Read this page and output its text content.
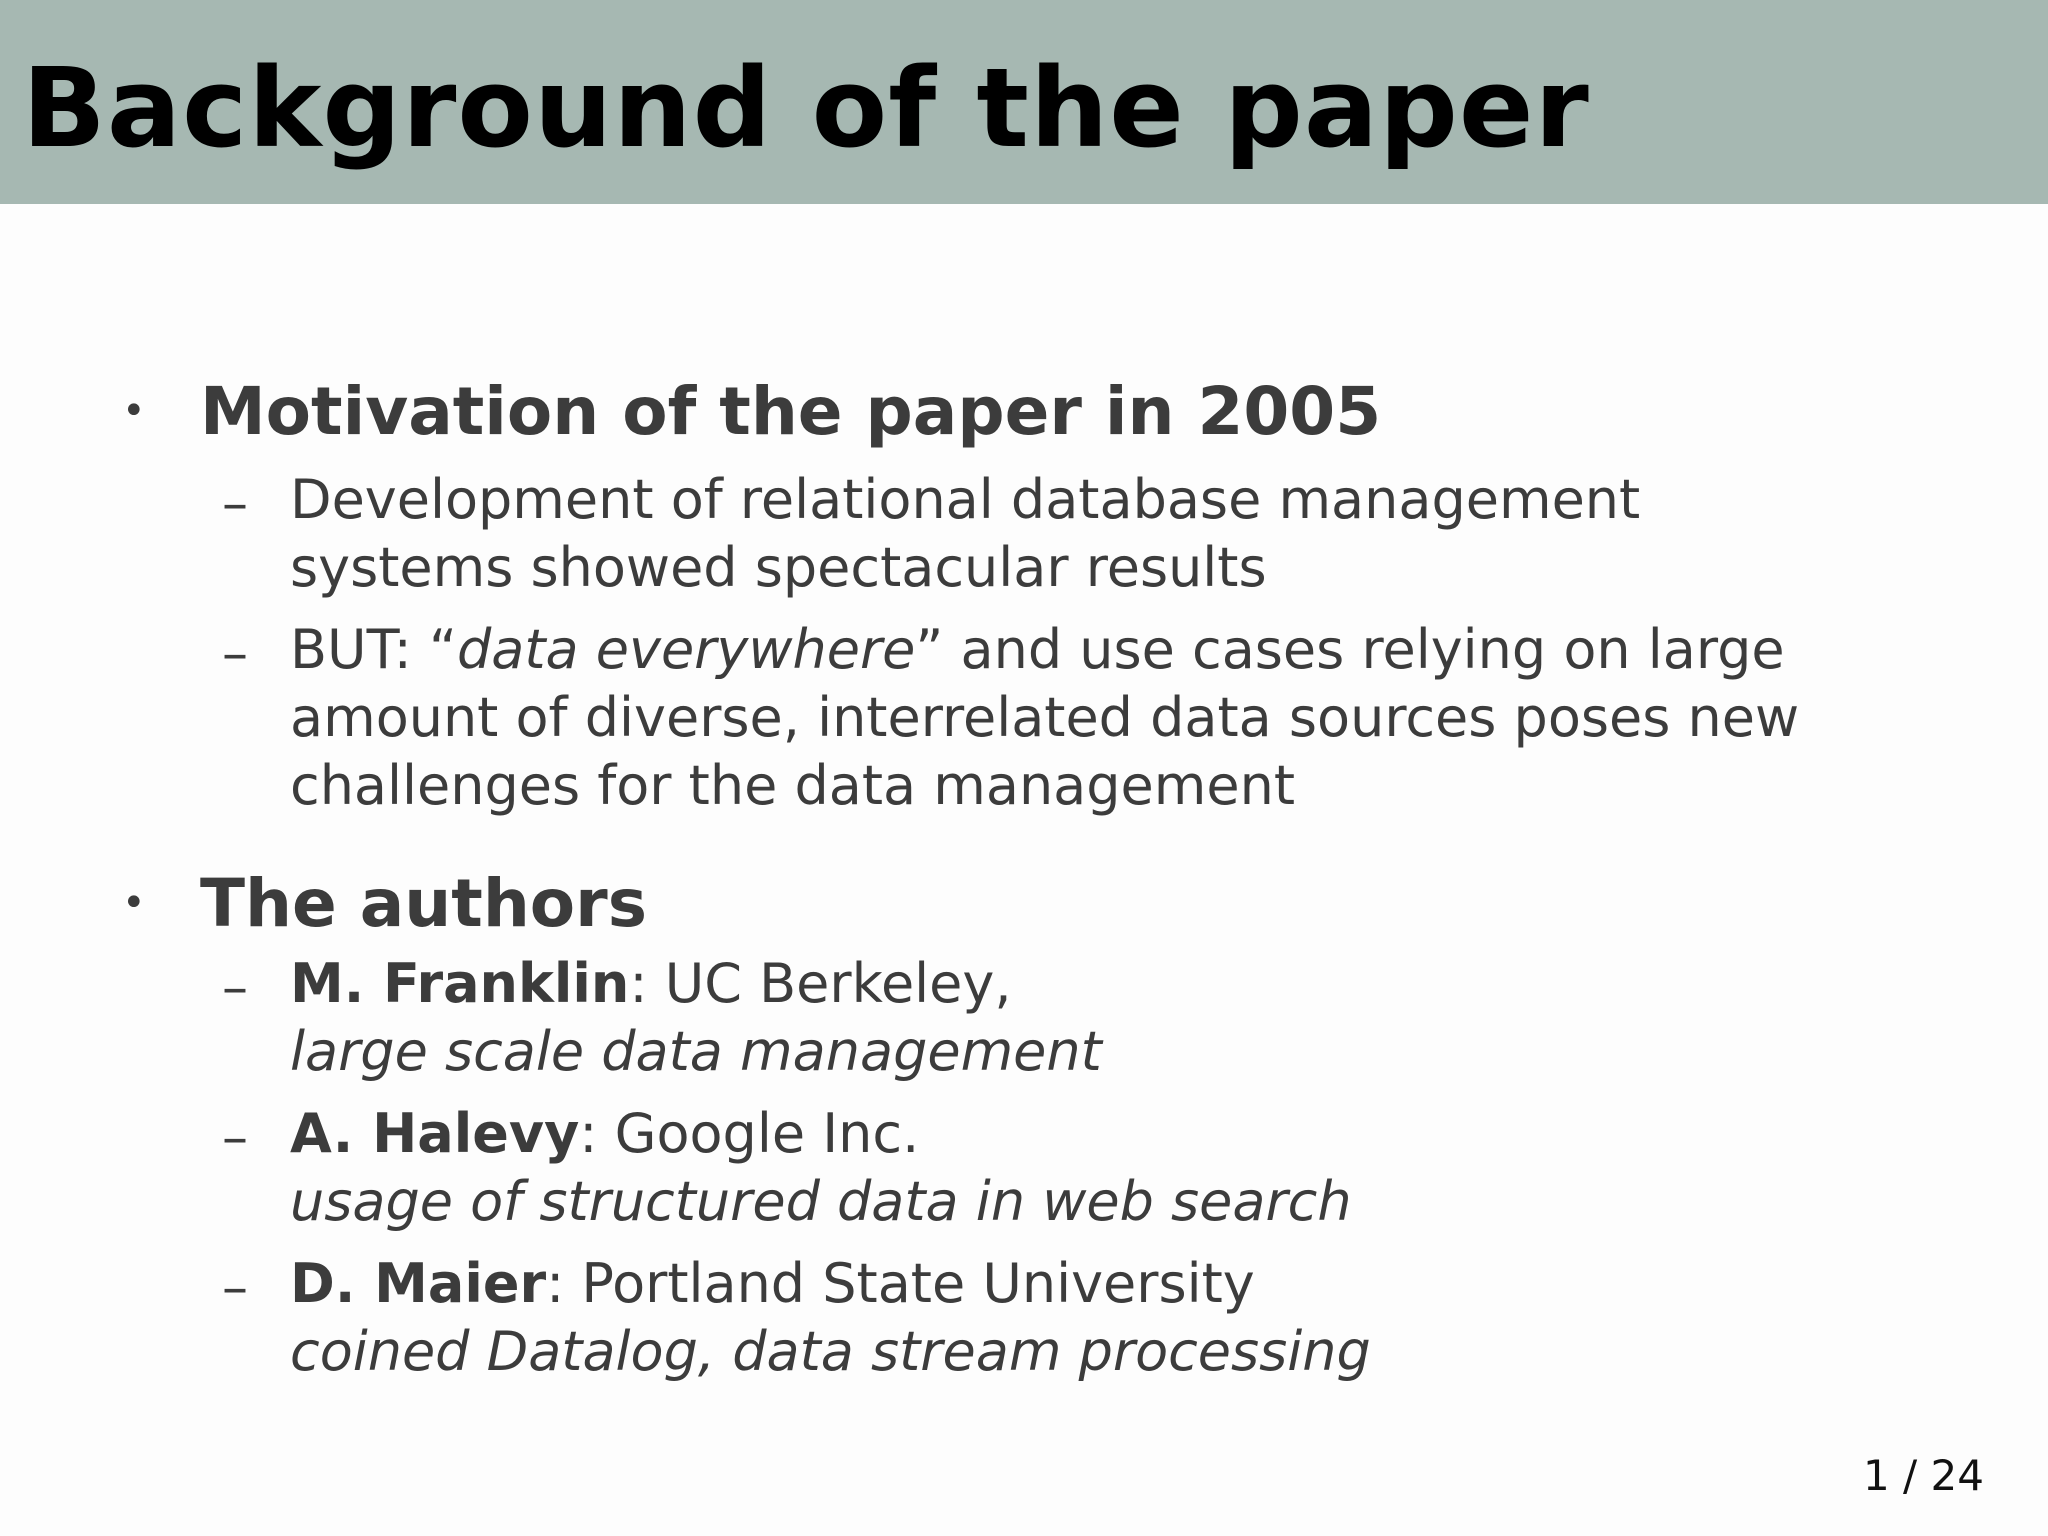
Background of the paper
• Motivation of the paper in 2005
– Development of relational database management
systems showed spectacular results
– BUT: “data everywhere” and use cases relying on large
amount of diverse, interrelated data sources poses new
challenges for the data management
• The authors
– M. Franklin: UC Berkeley,
large scale data management
– A. Halevy: Google Inc.
usage of structured data in web search
– D. Maier: Portland State University
coined Datalog, data stream processing
1 / 24
